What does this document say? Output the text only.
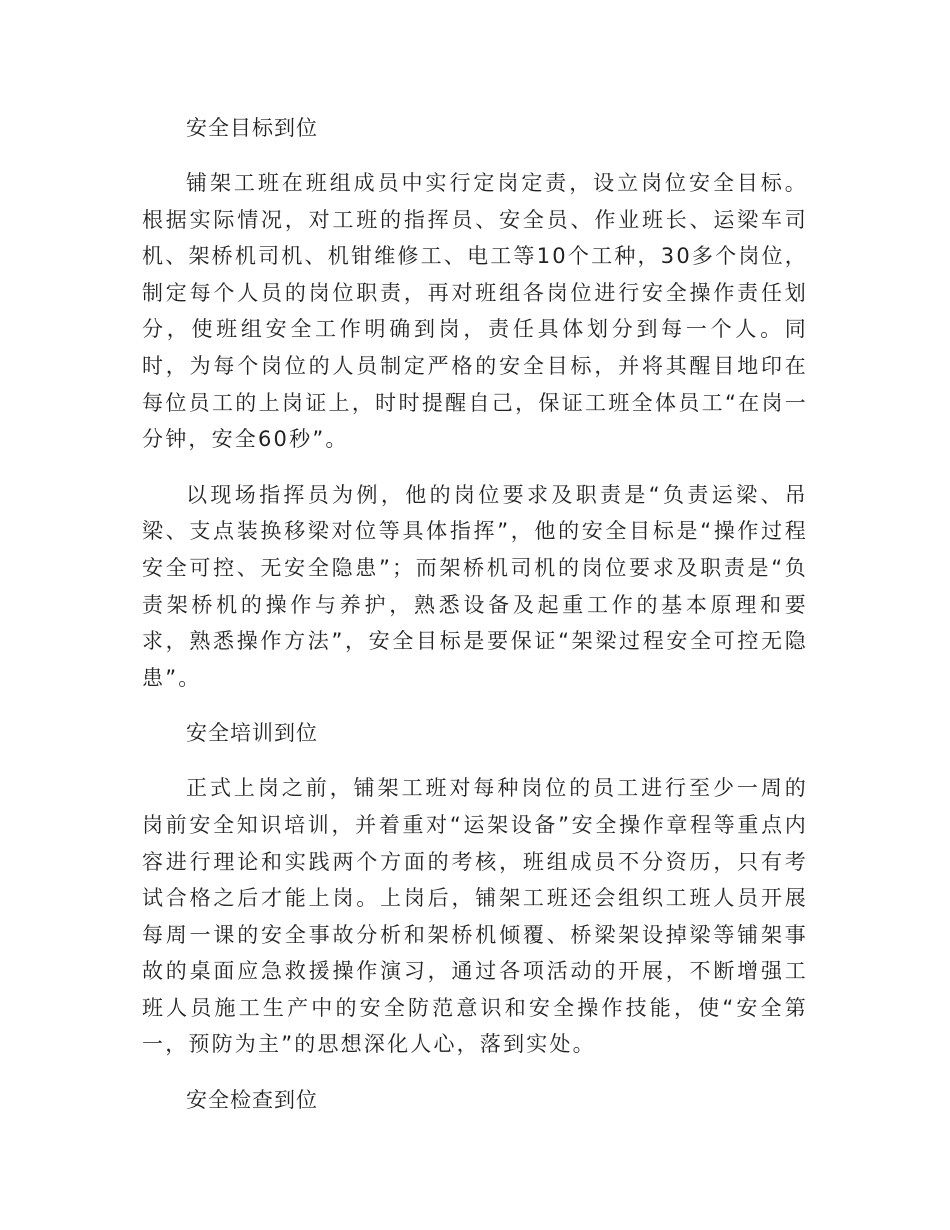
安全目标到位

铺架工班在班组成员中实行定岗定责，设立岗位安全目标。根据实际情况，对工班的指挥员、安全员、作业班长、运梁车司机、架桥机司机、机钳维修工、电工等10个工种，30多个岗位，制定每个人员的岗位职责，再对班组各岗位进行安全操作责任划分，使班组安全工作明确到岗，责任具体划分到每一个人。同时，为每个岗位的人员制定严格的安全目标，并将其醒目地印在每位员工的上岗证上，时时提醒自己，保证工班全体员工“在岗一分钟，安全60秒”。

以现场指挥员为例，他的岗位要求及职责是“负责运梁、吊梁、支点装换移梁对位等具体指挥”，他的安全目标是“操作过程安全可控、无安全隐患”；而架桥机司机的岗位要求及职责是“负责架桥机的操作与养护，熟悉设备及起重工作的基本原理和要求，熟悉操作方法”，安全目标是要保证“架梁过程安全可控无隐患”。

安全培训到位

正式上岗之前，铺架工班对每种岗位的员工进行至少一周的岗前安全知识培训，并着重对“运架设备”安全操作章程等重点内容进行理论和实践两个方面的考核，班组成员不分资历，只有考试合格之后才能上岗。上岗后，铺架工班还会组织工班人员开展每周一课的安全事故分析和架桥机倾覆、桥梁架设掉梁等铺架事故的桌面应急救援操作演习，通过各项活动的开展，不断增强工班人员施工生产中的安全防范意识和安全操作技能，使“安全第一，预防为主”的思想深化人心，落到实处。

安全检查到位
